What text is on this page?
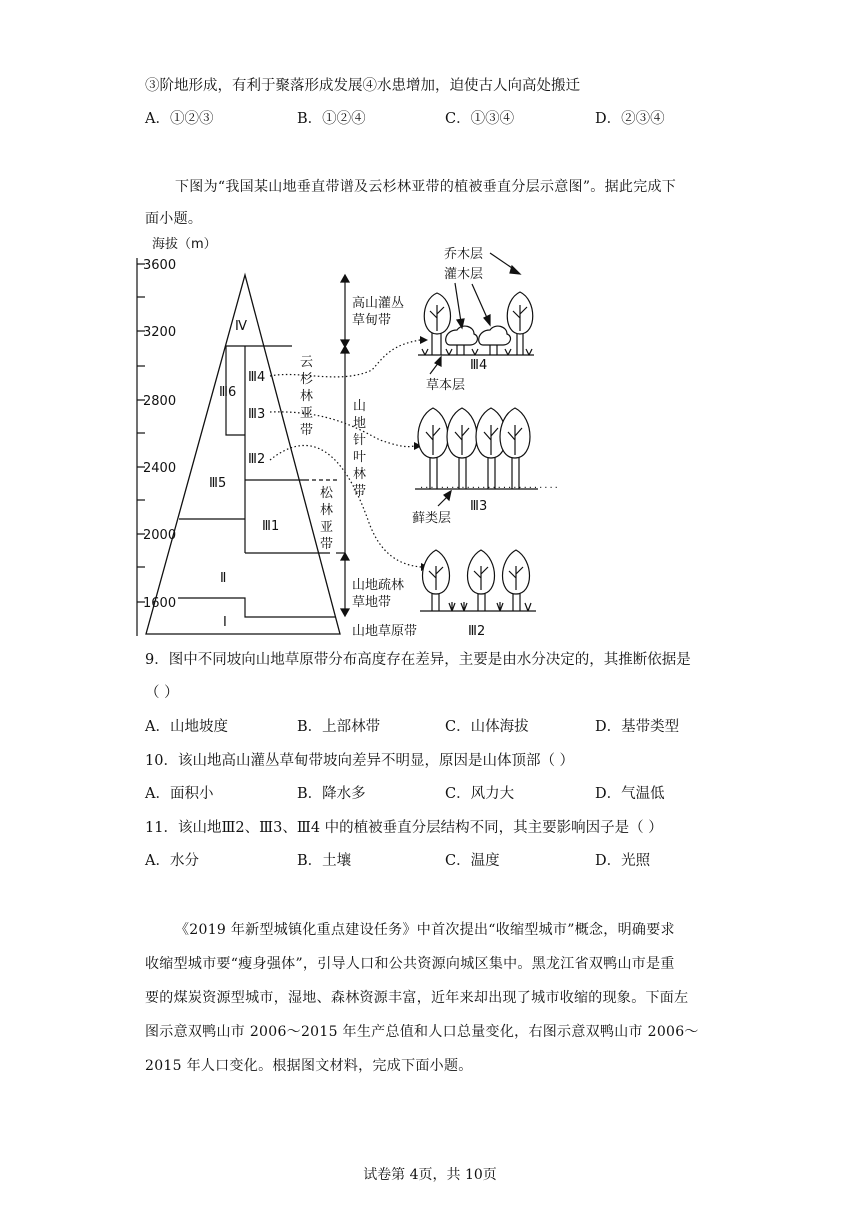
③阶地形成，有利于聚落形成发展④水患增加，迫使古人向高处搬迁
A．①②③	B．①②④	C．①③④	D．②③④
下图为“我国某山地垂直带谱及云杉林亚带的植被垂直分层示意图”。据此完成下
面小题。
海拔（m）
3600
3200
2800
2400
2000
1600
Ⅳ
Ⅲ6
Ⅲ4
Ⅲ3
Ⅲ2
Ⅲ5
Ⅲ1
Ⅱ
Ⅰ
云
杉
林
亚
带
松
林
亚
带
高山灌丛
草甸带
山
地
针
叶
林
带
山地疏林
草地带
山地草原带
乔木层
灌木层
草本层
Ⅲ4
...........................
藓类层
Ⅲ3
Ⅲ2
9．图中不同坡向山地草原带分布高度存在差异，主要是由水分决定的，其推断依据是
（ ）
A．山地坡度	B．上部林带	C．山体海拔	D．基带类型
10．该山地高山灌丛草甸带坡向差异不明显，原因是山体顶部（ ）
A．面积小	B．降水多	C．风力大	D．气温低
11．该山地Ⅲ2、Ⅲ3、Ⅲ4 中的植被垂直分层结构不同，其主要影响因子是（ ）
A．水分	B．土壤	C．温度	D．光照
《2019 年新型城镇化重点建设任务》中首次提出“收缩型城市”概念，明确要求
收缩型城市要“瘦身强体”，引导人口和公共资源向城区集中。黑龙江省双鸭山市是重
要的煤炭资源型城市，湿地、森林资源丰富，近年来却出现了城市收缩的现象。下面左
图示意双鸭山市 2006～2015 年生产总值和人口总量变化，右图示意双鸭山市 2006～
2015 年人口变化。根据图文材料，完成下面小题。
试卷第 4页，共 10页
